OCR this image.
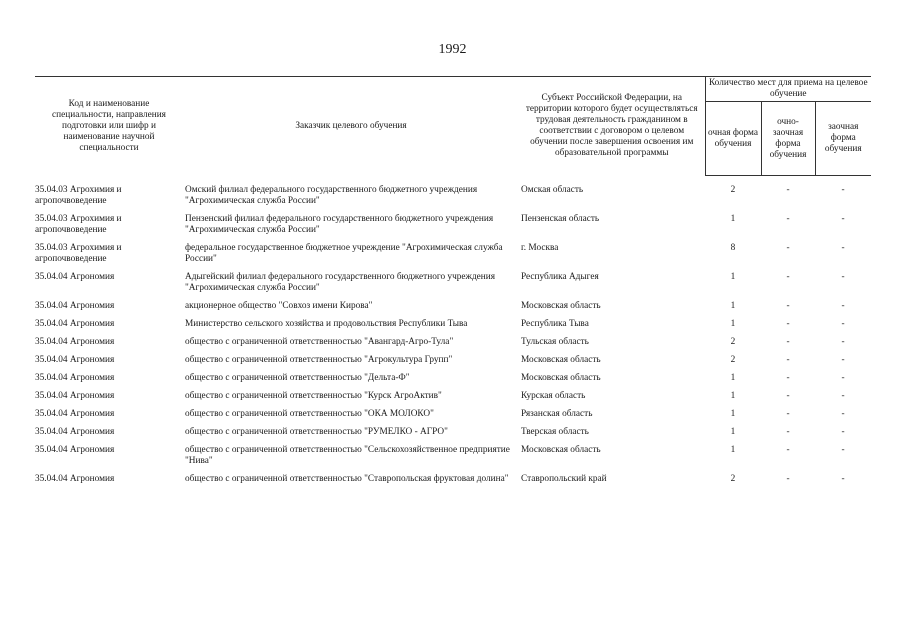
1992
Код и наименование специальности, направления подготовки или шифр и наименование научной специальности	Заказчик целевого обучения	Субъект Российской Федерации, на территории которого будет осуществляться трудовая деятельность гражданином в соответствии с договором о целевом обучении после завершения освоения им образовательной программы	Количество мест для приема на целевое обучение		
			очная форма обучения	очно-заочная форма обучения	заочная форма обучения

35.04.03 Агрохимия и агропочвоведение	Омский филиал федерального государственного бюджетного учреждения "Агрохимическая служба России"	Омская область	2	-	-
35.04.03 Агрохимия и агропочвоведение	Пензенский филиал федерального государственного бюджетного учреждения "Агрохимическая служба России"	Пензенская область	1	-	-
35.04.03 Агрохимия и агропочвоведение	федеральное государственное бюджетное учреждение "Агрохимическая служба России"	г. Москва	8	-	-
35.04.04 Агрономия	Адыгейский филиал федерального государственного бюджетного учреждения "Агрохимическая служба России"	Республика Адыгея	1	-	-
35.04.04 Агрономия	акционерное общество "Совхоз имени Кирова"	Московская область	1	-	-
35.04.04 Агрономия	Министерство сельского хозяйства и продовольствия Республики Тыва	Республика Тыва	1	-	-
35.04.04 Агрономия	общество с ограниченной ответственностью "Авангард-Агро-Тула"	Тульская область	2	-	-
35.04.04 Агрономия	общество с ограниченной ответственностью "Агрокультура Групп"	Московская область	2	-	-
35.04.04 Агрономия	общество с ограниченной ответственностью "Дельта-Ф"	Московская область	1	-	-
35.04.04 Агрономия	общество с ограниченной ответственностью "Курск АгроАктив"	Курская область	1	-	-
35.04.04 Агрономия	общество с ограниченной ответственностью "ОКА МОЛОКО"	Рязанская область	1	-	-
35.04.04 Агрономия	общество с ограниченной ответственностью "РУМЕЛКО - АГРО"	Тверская область	1	-	-
35.04.04 Агрономия	общество с ограниченной ответственностью "Сельскохозяйственное предприятие "Нива"	Московская область	1	-	-
35.04.04 Агрономия	общество с ограниченной ответственностью "Ставропольская фруктовая долина"	Ставропольский край	2	-	-
